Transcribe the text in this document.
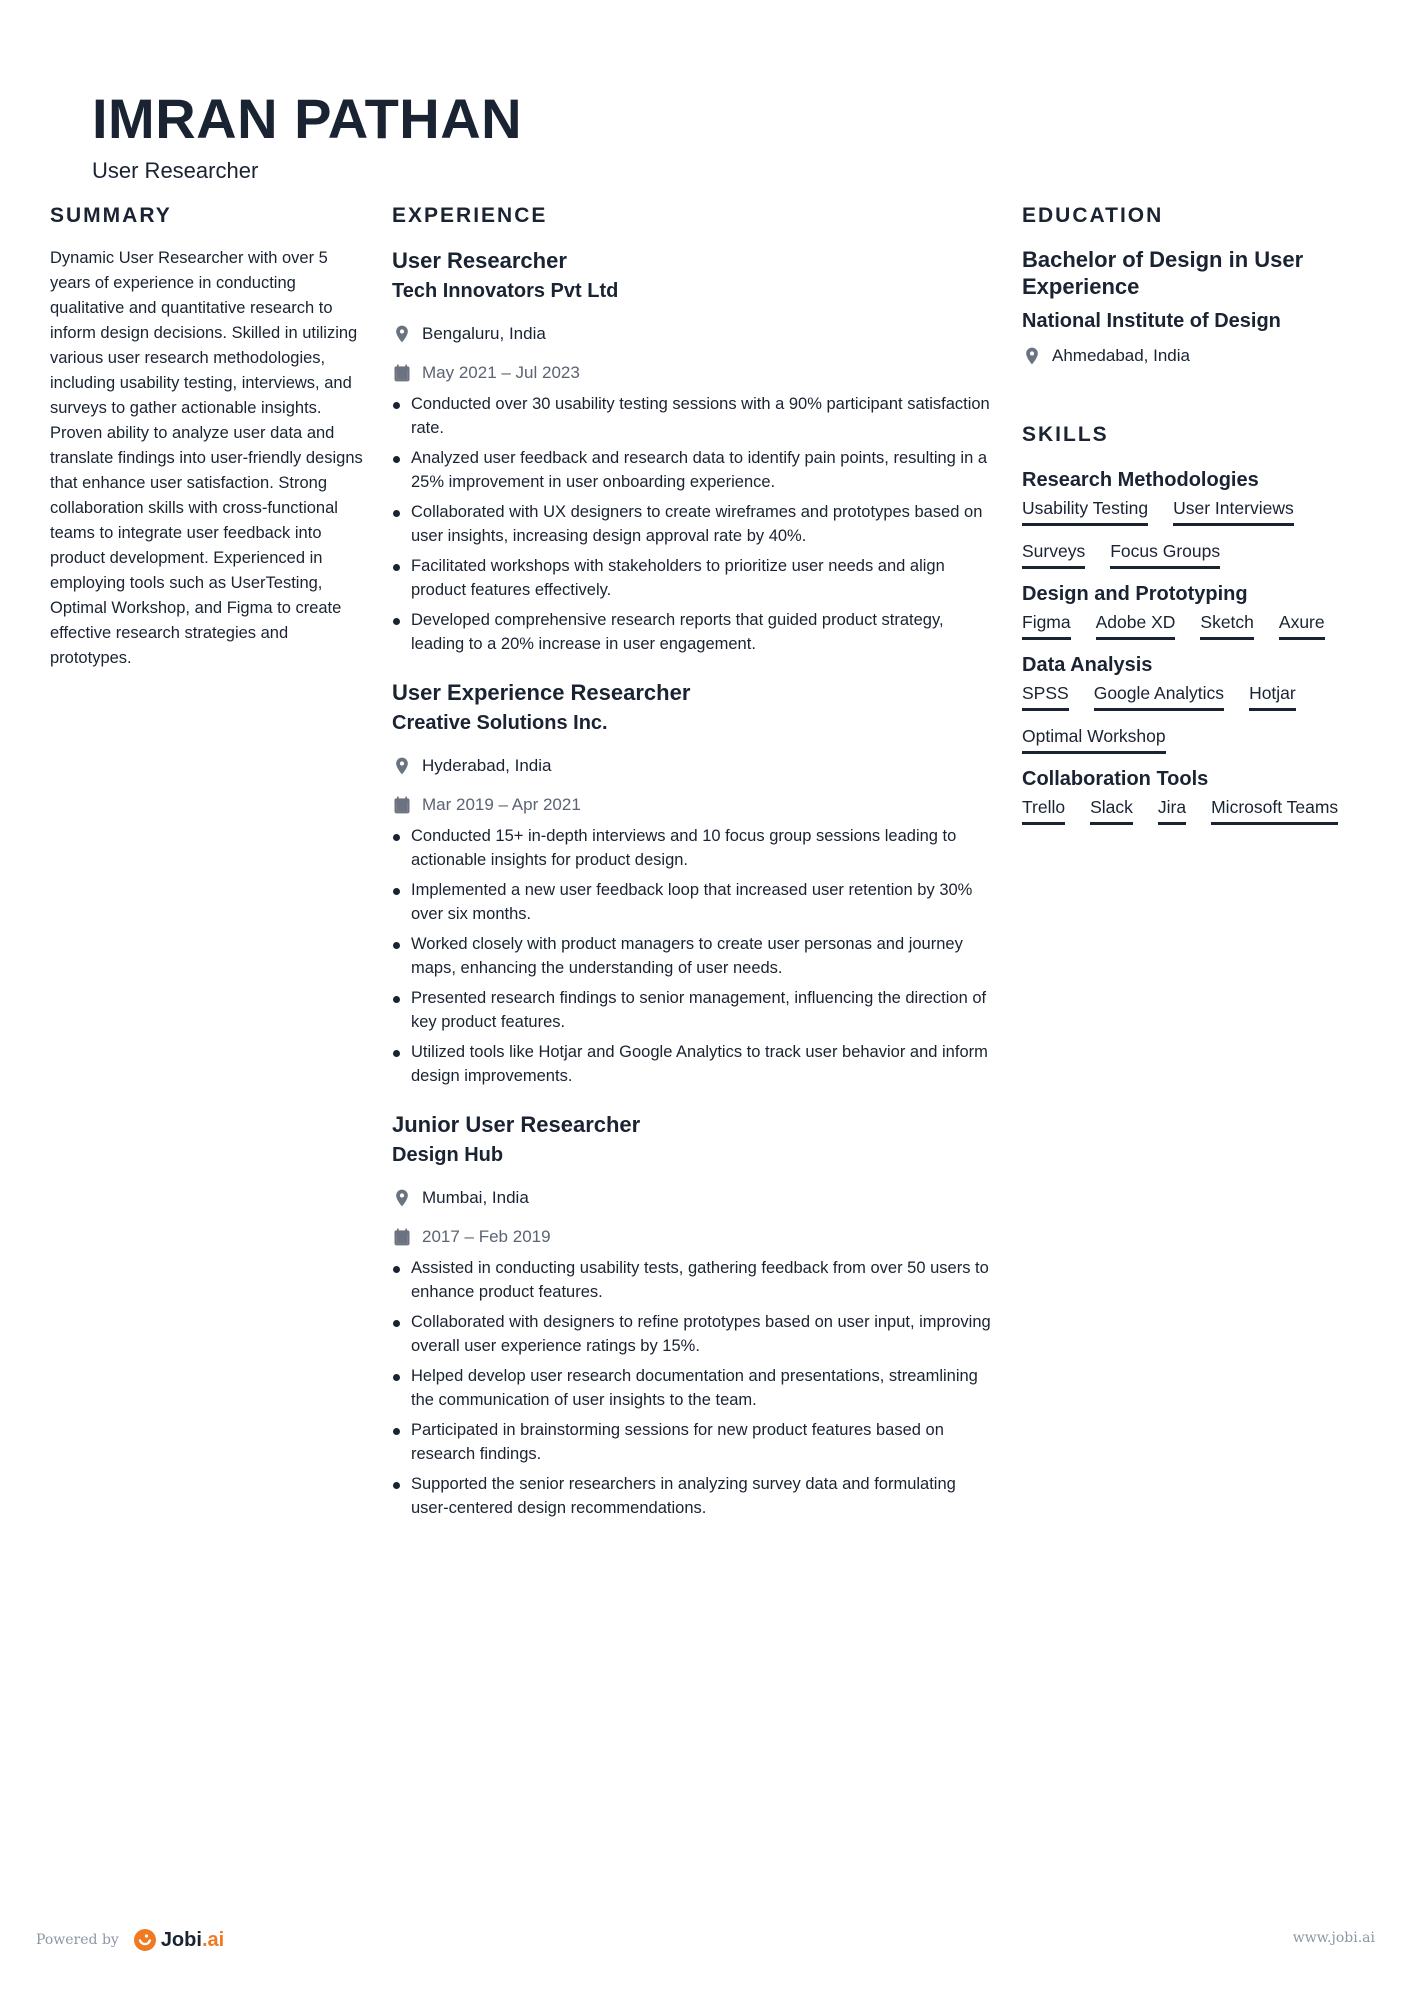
IMRAN PATHAN
User Researcher
SUMMARY

Dynamic User Researcher with over 5 years of experience in conducting qualitative and quantitative research to inform design decisions. Skilled in utilizing various user research methodologies, including usability testing, interviews, and surveys to gather actionable insights. Proven ability to analyze user data and translate findings into user-friendly designs that enhance user satisfaction. Strong collaboration skills with cross-functional teams to integrate user feedback into product development. Experienced in employing tools such as UserTesting, Optimal Workshop, and Figma to create effective research strategies and prototypes.

EXPERIENCE
User Researcher
Tech Innovators Pvt Ltd
Bengaluru, India
May 2021 – Jul 2023
Conducted over 30 usability testing sessions with a 90% participant satisfaction rate.
Analyzed user feedback and research data to identify pain points, resulting in a 25% improvement in user onboarding experience.
Collaborated with UX designers to create wireframes and prototypes based on user insights, increasing design approval rate by 40%.
Facilitated workshops with stakeholders to prioritize user needs and align product features effectively.
Developed comprehensive research reports that guided product strategy, leading to a 20% increase in user engagement.
User Experience Researcher
Creative Solutions Inc.
Hyderabad, India
Mar 2019 – Apr 2021
Conducted 15+ in-depth interviews and 10 focus group sessions leading to actionable insights for product design.
Implemented a new user feedback loop that increased user retention by 30% over six months.
Worked closely with product managers to create user personas and journey maps, enhancing the understanding of user needs.
Presented research findings to senior management, influencing the direction of key product features.
Utilized tools like Hotjar and Google Analytics to track user behavior and inform design improvements.
Junior User Researcher
Design Hub
Mumbai, India
2017 – Feb 2019
Assisted in conducting usability tests, gathering feedback from over 50 users to enhance product features.
Collaborated with designers to refine prototypes based on user input, improving overall user experience ratings by 15%.
Helped develop user research documentation and presentations, streamlining the communication of user insights to the team.
Participated in brainstorming sessions for new product features based on research findings.
Supported the senior researchers in analyzing survey data and formulating user-centered design recommendations.
EDUCATION
Bachelor of Design in User Experience
National Institute of Design
Ahmedabad, India
SKILLS
Research Methodologies
Usability Testing User Interviews
Surveys Focus Groups
Design and Prototyping
Figma Adobe XD Sketch Axure
Data Analysis
SPSS Google Analytics Hotjar
Optimal Workshop
Collaboration Tools
Trello Slack Jira Microsoft Teams
Powered by Jobi.ai	www.jobi.ai
